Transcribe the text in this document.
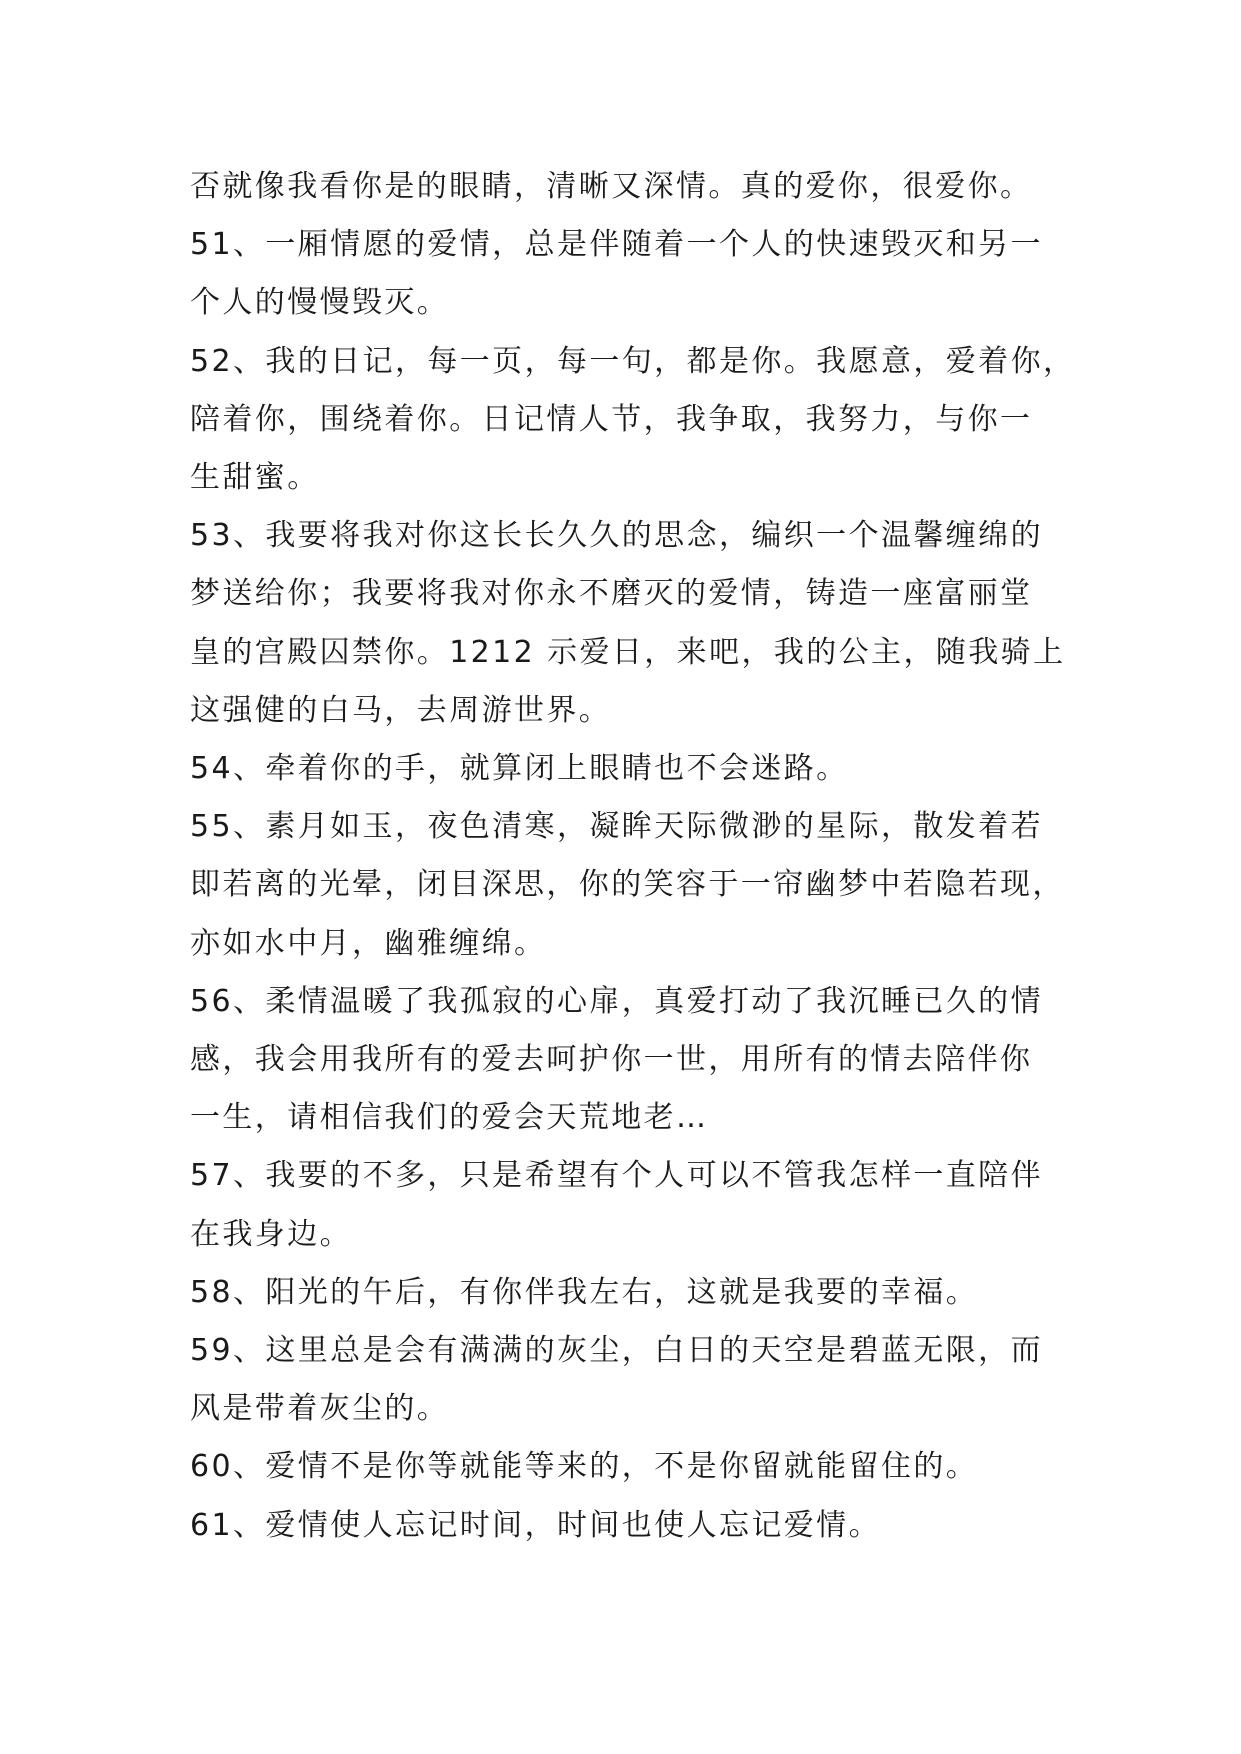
否就像我看你是的眼睛，清晰又深情。真的爱你，很爱你。
51、一厢情愿的爱情，总是伴随着一个人的快速毁灭和另一
个人的慢慢毁灭。
52、我的日记，每一页，每一句，都是你。我愿意，爱着你，
陪着你，围绕着你。日记情人节，我争取，我努力，与你一
生甜蜜。
53、我要将我对你这长长久久的思念，编织一个温馨缠绵的
梦送给你；我要将我对你永不磨灭的爱情，铸造一座富丽堂
皇的宫殿囚禁你。1212 示爱日，来吧，我的公主，随我骑上
这强健的白马，去周游世界。
54、牵着你的手，就算闭上眼睛也不会迷路。
55、素月如玉，夜色清寒，凝眸天际微渺的星际，散发着若
即若离的光晕，闭目深思，你的笑容于一帘幽梦中若隐若现，
亦如水中月，幽雅缠绵。
56、柔情温暖了我孤寂的心扉，真爱打动了我沉睡已久的情
感，我会用我所有的爱去呵护你一世，用所有的情去陪伴你
一生，请相信我们的爱会天荒地老…
57、我要的不多，只是希望有个人可以不管我怎样一直陪伴
在我身边。
58、阳光的午后，有你伴我左右，这就是我要的幸福。
59、这里总是会有满满的灰尘，白日的天空是碧蓝无限，而
风是带着灰尘的。
60、爱情不是你等就能等来的，不是你留就能留住的。
61、爱情使人忘记时间，时间也使人忘记爱情。
